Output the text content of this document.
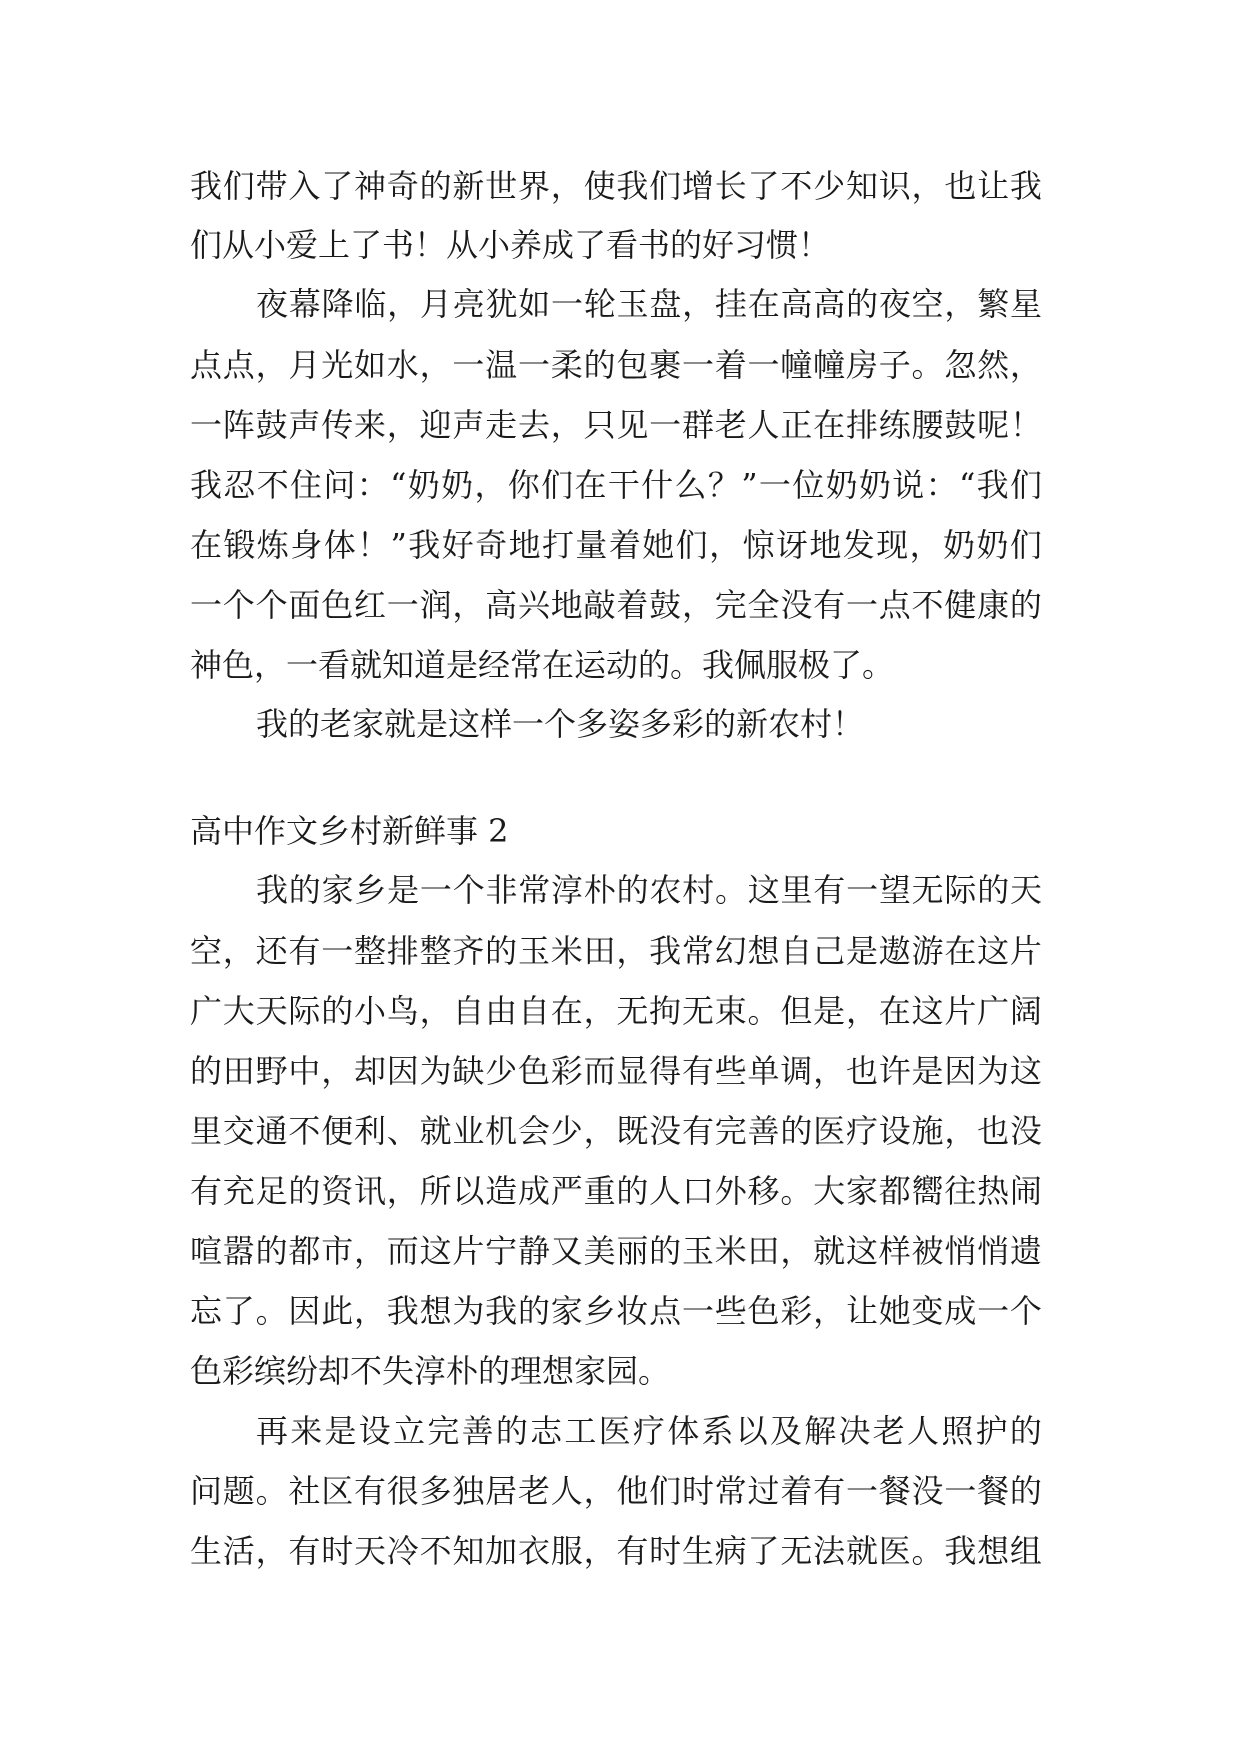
我 们 带 入 了 神 奇 的 新 世 界 ， 使 我 们 增 长 了 不 少 知 识 ， 也 让 我
们从小爱上了书！从小养成了看书的好习惯！
夜 幕 降 临 ， 月 亮 犹 如 一 轮 玉 盘 ， 挂 在 高 高 的 夜 空 ， 繁 星
点 点 ， 月 光 如 水 ， 一 温 一 柔 的 包 裹 一 着 一 幢 幢 房 子 。 忽 然 ，
一 阵 鼓 声 传 来 ， 迎 声 走 去 ， 只 见 一 群 老 人 正 在 排 练 腰 鼓 呢 ！
我 忍 不 住 问 ： “ 奶 奶 ， 你 们 在 干 什 么 ？ ” 一 位 奶 奶 说 ： “ 我 们
在 锻 炼 身 体 ！ ” 我 好 奇 地 打 量 着 她 们 ， 惊 讶 地 发 现 ， 奶 奶 们
一 个 个 面 色 红 一 润 ， 高 兴 地 敲 着 鼓 ， 完 全 没 有 一 点 不 健 康 的
神色，一看就知道是经常在运动的。我佩服极了。
我的老家就是这样一个多姿多彩的新农村！
高中作文乡村新鲜事 2
我 的 家 乡 是 一 个 非 常 淳 朴 的 农 村 。 这 里 有 一 望 无 际 的 天
空 ， 还 有 一 整 排 整 齐 的 玉 米 田 ， 我 常 幻 想 自 己 是 遨 游 在 这 片
广 大 天 际 的 小 鸟 ， 自 由 自 在 ， 无 拘 无 束 。 但 是 ， 在 这 片 广 阔
的 田 野 中 ， 却 因 为 缺 少 色 彩 而 显 得 有 些 单 调 ， 也 许 是 因 为 这
里 交 通 不 便 利 、 就 业 机 会 少 ， 既 没 有 完 善 的 医 疗 设 施 ， 也 没
有 充 足 的 资 讯 ， 所 以 造 成 严 重 的 人 口 外 移 。 大 家 都 嚮 往 热 闹
喧 嚣 的 都 市 ， 而 这 片 宁 静 又 美 丽 的 玉 米 田 ， 就 这 样 被 悄 悄 遗
忘 了 。 因 此 ， 我 想 为 我 的 家 乡 妆 点 一 些 色 彩 ， 让 她 变 成 一 个
色彩缤纷却不失淳朴的理想家园。
再 来 是 设 立 完 善 的 志 工 医 疗 体 系 以 及 解 决 老 人 照 护 的
问 题 。 社 区 有 很 多 独 居 老 人 ， 他 们 时 常 过 着 有 一 餐 没 一 餐 的
生 活 ， 有 时 天 冷 不 知 加 衣 服 ， 有 时 生 病 了 无 法 就 医 。 我 想 组
